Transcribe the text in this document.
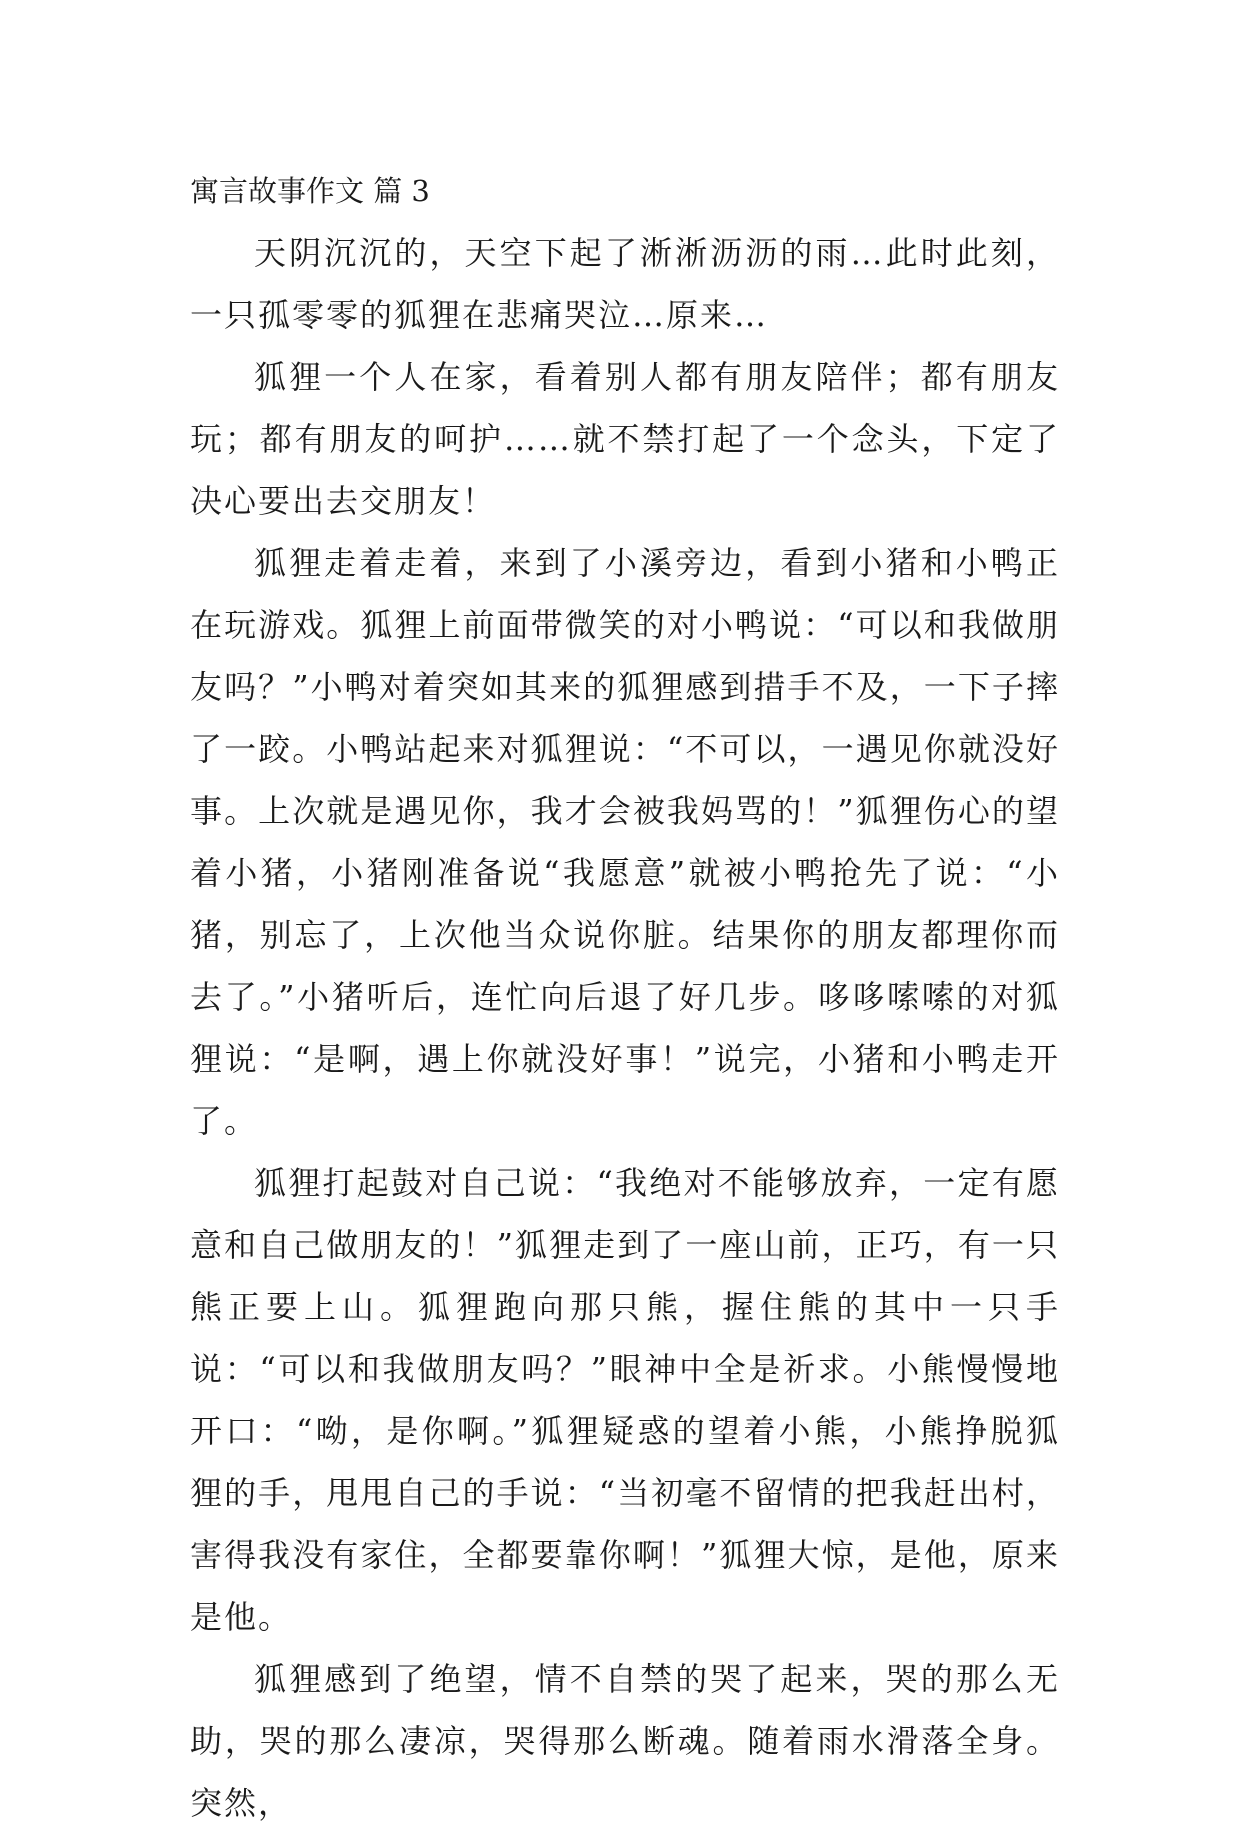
寓言故事作文 篇 3

天阴沉沉的，天空下起了淅淅沥沥的雨…此时此刻，一只孤零零的狐狸在悲痛哭泣…原来…

狐狸一个人在家，看着别人都有朋友陪伴；都有朋友玩；都有朋友的呵护……就不禁打起了一个念头，下定了决心要出去交朋友！

狐狸走着走着，来到了小溪旁边，看到小猪和小鸭正在玩游戏。狐狸上前面带微笑的对小鸭说：“可以和我做朋友吗？”小鸭对着突如其来的狐狸感到措手不及，一下子摔了一跤。小鸭站起来对狐狸说：“不可以，一遇见你就没好事。上次就是遇见你，我才会被我妈骂的！”狐狸伤心的望着小猪，小猪刚准备说“我愿意”就被小鸭抢先了说：“小猪，别忘了，上次他当众说你脏。结果你的朋友都理你而去了。”小猪听后，连忙向后退了好几步。哆哆嗦嗦的对狐狸说：“是啊，遇上你就没好事！”说完，小猪和小鸭走开了。

狐狸打起鼓对自己说：“我绝对不能够放弃，一定有愿意和自己做朋友的！”狐狸走到了一座山前，正巧，有一只熊正要上山。狐狸跑向那只熊，握住熊的其中一只手说：“可以和我做朋友吗？”眼神中全是祈求。小熊慢慢地开口：“呦，是你啊。”狐狸疑惑的望着小熊，小熊挣脱狐狸的手，甩甩自己的手说：“当初毫不留情的把我赶出村，害得我没有家住，全都要靠你啊！”狐狸大惊，是他，原来是他。

狐狸感到了绝望，情不自禁的哭了起来，哭的那么无助，哭的那么凄凉，哭得那么断魂。随着雨水滑落全身。突然，
